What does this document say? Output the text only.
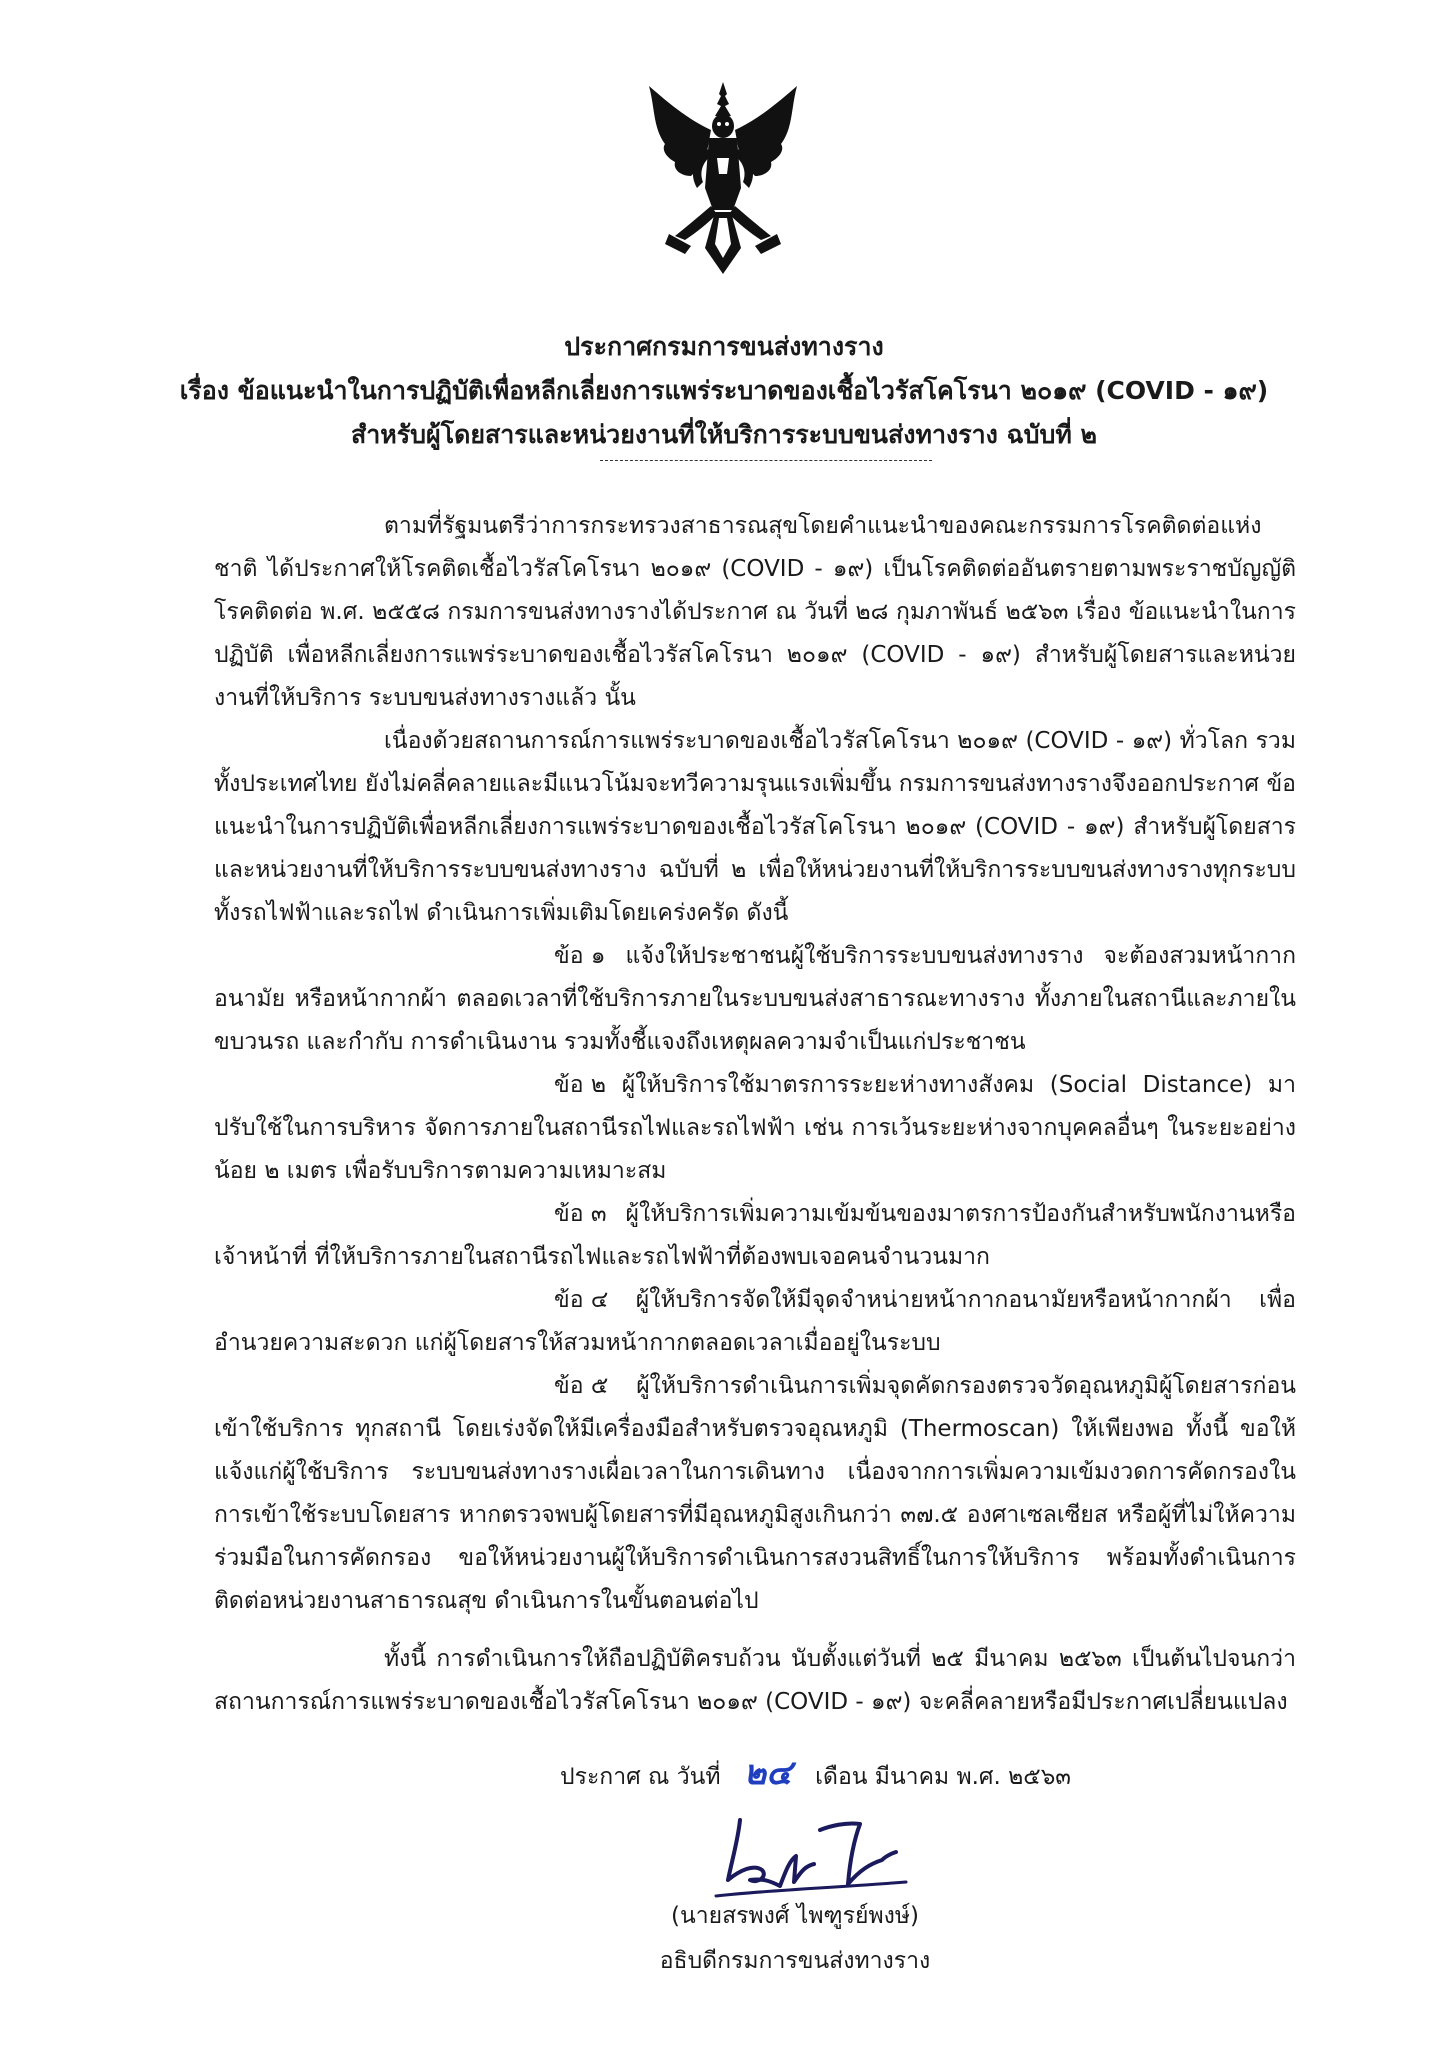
ประกาศกรมการขนส่งทางราง
เรื่อง ข้อแนะนำในการปฏิบัติเพื่อหลีกเลี่ยงการแพร่ระบาดของเชื้อไวรัสโคโรนา ๒๐๑๙ (COVID - ๑๙)
สำหรับผู้โดยสารและหน่วยงานที่ให้บริการระบบขนส่งทางราง ฉบับที่ ๒

ตามที่รัฐมนตรีว่าการกระทรวงสาธารณสุขโดยคำแนะนำของคณะกรรมการโรคติดต่อแห่งชาติ ได้ประกาศให้โรคติดเชื้อไวรัสโคโรนา ๒๐๑๙ (COVID - ๑๙) เป็นโรคติดต่ออันตรายตามพระราชบัญญัติโรคติดต่อ พ.ศ. ๒๕๕๘ กรมการขนส่งทางรางได้ประกาศ ณ วันที่ ๒๘ กุมภาพันธ์ ๒๕๖๓ เรื่อง ข้อแนะนำในการปฏิบัติ เพื่อหลีกเลี่ยงการแพร่ระบาดของเชื้อไวรัสโคโรนา ๒๐๑๙ (COVID - ๑๙) สำหรับผู้โดยสารและหน่วยงานที่ให้บริการ ระบบขนส่งทางรางแล้ว นั้น

เนื่องด้วยสถานการณ์การแพร่ระบาดของเชื้อไวรัสโคโรนา ๒๐๑๙ (COVID - ๑๙) ทั่วโลก รวมทั้งประเทศไทย ยังไม่คลี่คลายและมีแนวโน้มจะทวีความรุนแรงเพิ่มขึ้น กรมการขนส่งทางรางจึงออกประกาศ ข้อแนะนำในการปฏิบัติเพื่อหลีกเลี่ยงการแพร่ระบาดของเชื้อไวรัสโคโรนา ๒๐๑๙ (COVID - ๑๙) สำหรับผู้โดยสาร และหน่วยงานที่ให้บริการระบบขนส่งทางราง ฉบับที่ ๒ เพื่อให้หน่วยงานที่ให้บริการระบบขนส่งทางรางทุกระบบ ทั้งรถไฟฟ้าและรถไฟ ดำเนินการเพิ่มเติมโดยเคร่งครัด ดังนี้

ข้อ ๑ แจ้งให้ประชาชนผู้ใช้บริการระบบขนส่งทางราง จะต้องสวมหน้ากากอนามัย หรือหน้ากากผ้า ตลอดเวลาที่ใช้บริการภายในระบบขนส่งสาธารณะทางราง ทั้งภายในสถานีและภายในขบวนรถ และกำกับ การดำเนินงาน รวมทั้งชี้แจงถึงเหตุผลความจำเป็นแก่ประชาชน

ข้อ ๒ ผู้ให้บริการใช้มาตรการระยะห่างทางสังคม (Social Distance) มาปรับใช้ในการบริหาร จัดการภายในสถานีรถไฟและรถไฟฟ้า เช่น การเว้นระยะห่างจากบุคคลอื่นๆ ในระยะอย่างน้อย ๒ เมตร เพื่อรับบริการตามความเหมาะสม

ข้อ ๓ ผู้ให้บริการเพิ่มความเข้มข้นของมาตรการป้องกันสำหรับพนักงานหรือเจ้าหน้าที่ ที่ให้บริการภายในสถานีรถไฟและรถไฟฟ้าที่ต้องพบเจอคนจำนวนมาก

ข้อ ๔ ผู้ให้บริการจัดให้มีจุดจำหน่ายหน้ากากอนามัยหรือหน้ากากผ้า เพื่ออำนวยความสะดวก แก่ผู้โดยสารให้สวมหน้ากากตลอดเวลาเมื่ออยู่ในระบบ

ข้อ ๕ ผู้ให้บริการดำเนินการเพิ่มจุดคัดกรองตรวจวัดอุณหภูมิผู้โดยสารก่อนเข้าใช้บริการ ทุกสถานี โดยเร่งจัดให้มีเครื่องมือสำหรับตรวจอุณหภูมิ (Thermoscan) ให้เพียงพอ ทั้งนี้ ขอให้แจ้งแก่ผู้ใช้บริการ ระบบขนส่งทางรางเผื่อเวลาในการเดินทาง เนื่องจากการเพิ่มความเข้มงวดการคัดกรองในการเข้าใช้ระบบโดยสาร หากตรวจพบผู้โดยสารที่มีอุณหภูมิสูงเกินกว่า ๓๗.๕ องศาเซลเซียส หรือผู้ที่ไม่ให้ความร่วมมือในการคัดกรอง ขอให้หน่วยงานผู้ให้บริการดำเนินการสงวนสิทธิ์ในการให้บริการ พร้อมทั้งดำเนินการติดต่อหน่วยงานสาธารณสุข ดำเนินการในขั้นตอนต่อไป

ทั้งนี้ การดำเนินการให้ถือปฏิบัติครบถ้วน นับตั้งแต่วันที่ ๒๕ มีนาคม ๒๕๖๓ เป็นต้นไปจนกว่า สถานการณ์การแพร่ระบาดของเชื้อไวรัสโคโรนา ๒๐๑๙ (COVID - ๑๙) จะคลี่คลายหรือมีประกาศเปลี่ยนแปลง

ประกาศ ณ วันที่ ๒๔ เดือน มีนาคม พ.ศ. ๒๕๖๓
(นายสรพงศ์ ไพฑูรย์พงษ์)
อธิบดีกรมการขนส่งทางราง
